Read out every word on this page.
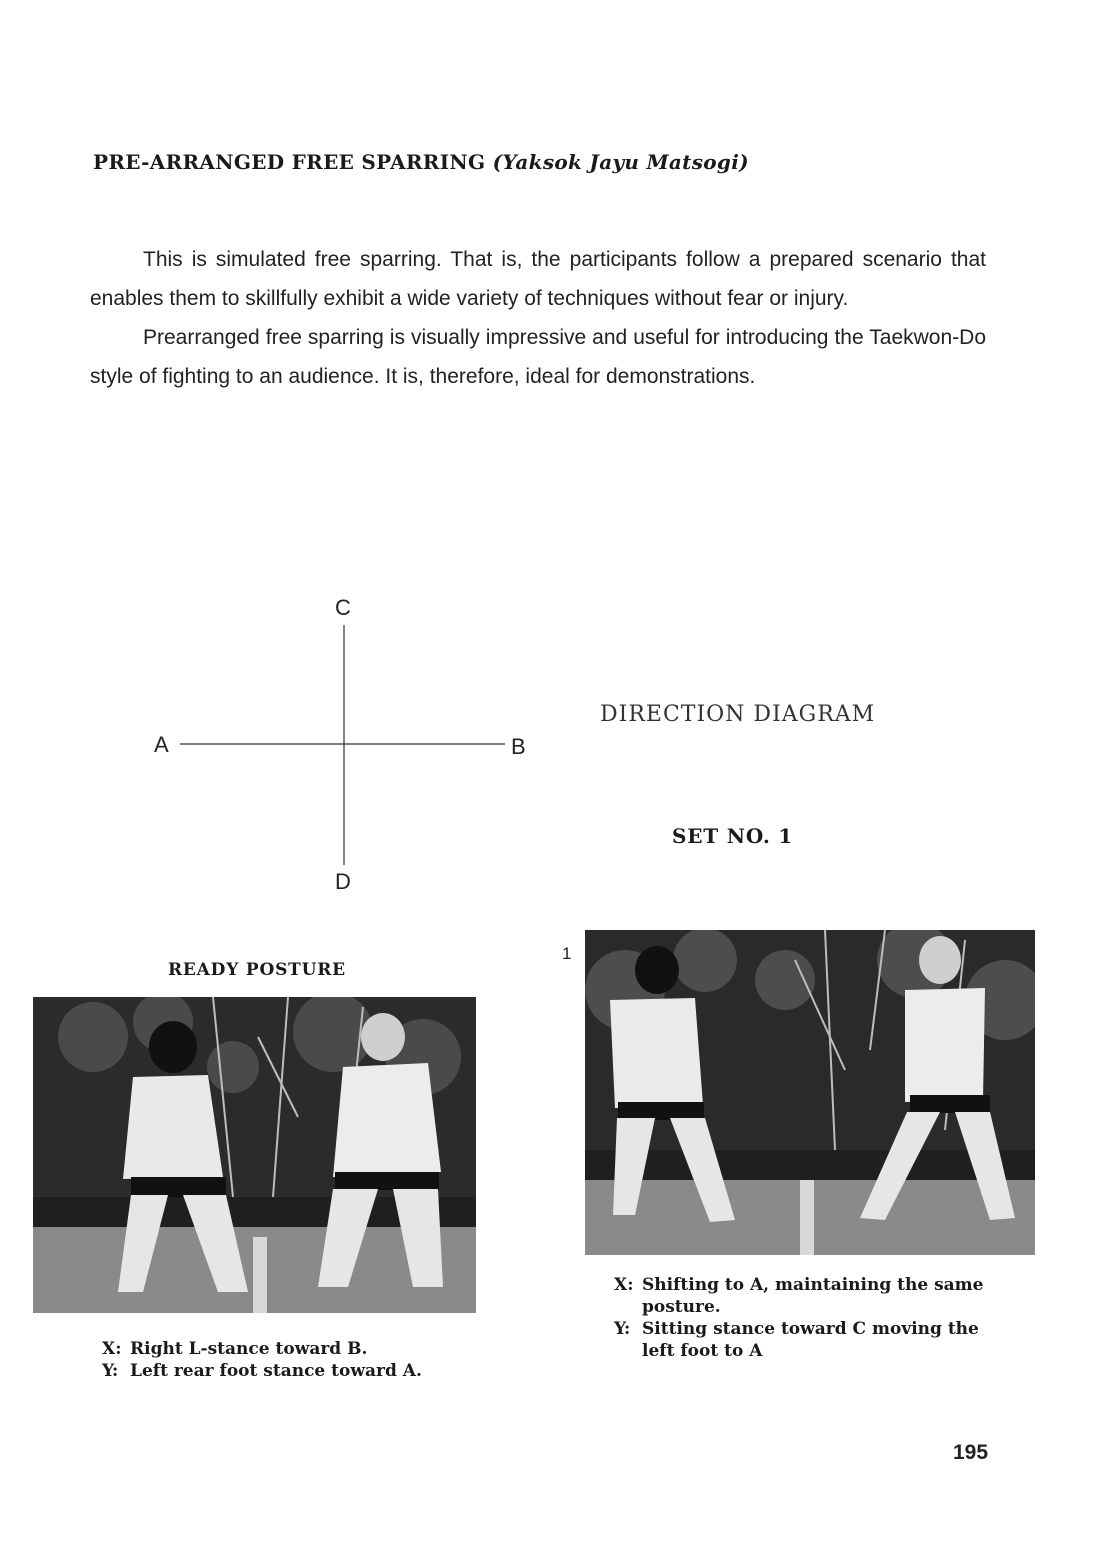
PRE-ARRANGED FREE SPARRING (Yaksok Jayu Matsogi)

This is simulated free sparring. That is, the participants follow a prepared scenario that enables them to skillfully exhibit a wide variety of techniques without fear or injury.

Prearranged free sparring is visually impressive and useful for introducing the Taekwon-Do style of fighting to an audience. It is, therefore, ideal for demonstrations.

C
A	B
D
DIRECTION DIAGRAM
SET NO. 1
READY POSTURE
X: Right L-stance toward B.
Y: Left rear foot stance toward A.
1
X: Shifting to A, maintaining the same posture.
Y: Sitting stance toward C moving the left foot to A
195
